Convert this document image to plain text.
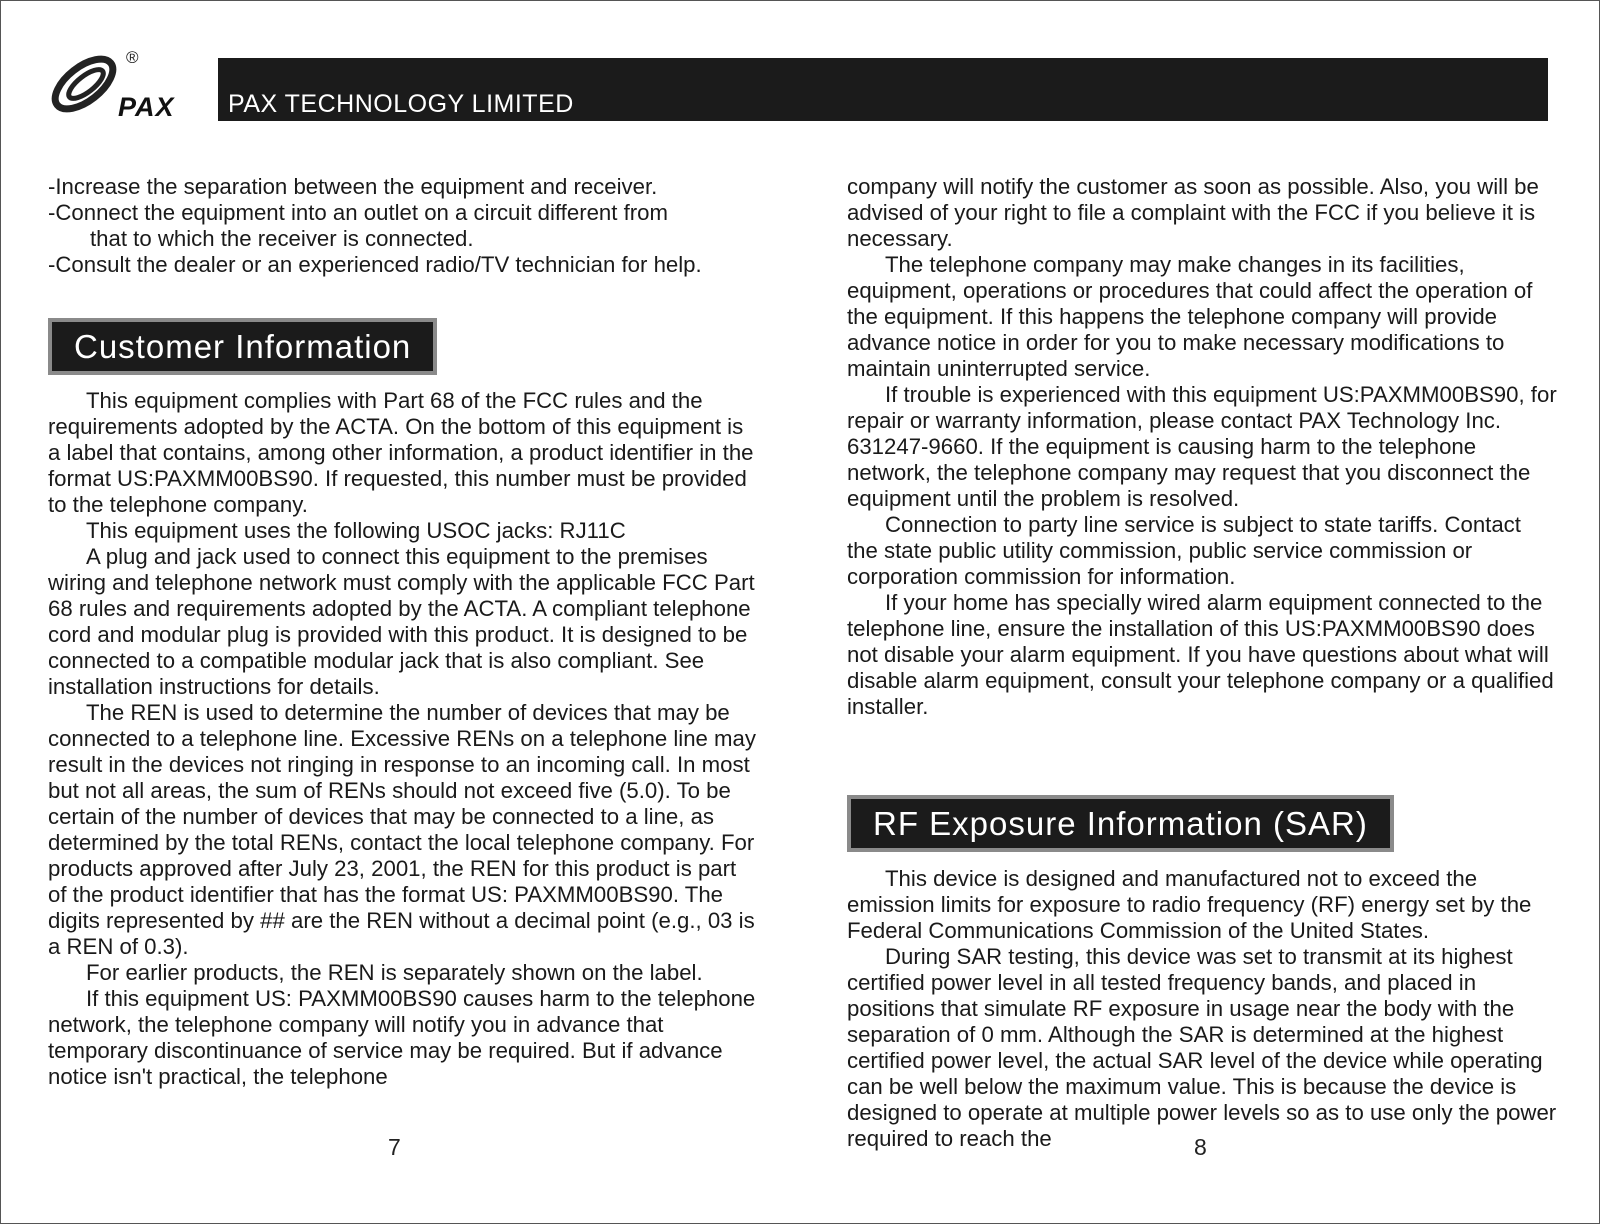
®
PAX PAX TECHNOLOGY LIMITED

-Increase the separation between the equipment and receiver.

-Connect the equipment into an outlet on a circuit different from

that to which the receiver is connected.

-Consult the dealer or an experienced radio/TV technician for help.

Customer Information

This equipment complies with Part 68 of the FCC rules and the requirements adopted by the ACTA. On the bottom of this equipment is a label that contains, among other information, a product identifier in the format US:PAXMM00BS90. If requested, this number must be provided to the telephone company.

This equipment uses the following USOC jacks: RJ11C

A plug and jack used to connect this equipment to the premises wiring and telephone network must comply with the applicable FCC Part 68 rules and requirements adopted by the ACTA. A compliant telephone cord and modular plug is provided with this product. It is designed to be connected to a compatible modular jack that is also compliant. See installation instructions for details.

The REN is used to determine the number of devices that may be connected to a telephone line. Excessive RENs on a telephone line may result in the devices not ringing in response to an incoming call. In most but not all areas, the sum of RENs should not exceed five (5.0). To be certain of the number of devices that may be connected to a line, as determined by the total RENs, contact the local telephone company. For products approved after July 23, 2001, the REN for this product is part of the product identifier that has the format US: PAXMM00BS90. The digits represented by ## are the REN without a decimal point (e.g., 03 is a REN of 0.3).

For earlier products, the REN is separately shown on the label.

If this equipment US: PAXMM00BS90 causes harm to the telephone network, the telephone company will notify you in advance that temporary discontinuance of service may be required. But if advance notice isn't practical, the telephone

7

company will notify the customer as soon as possible. Also, you will be advised of your right to file a complaint with the FCC if you believe it is necessary.

The telephone company may make changes in its facilities, equipment, operations or procedures that could affect the operation of the equipment. If this happens the telephone company will provide advance notice in order for you to make necessary modifications to maintain uninterrupted service.

If trouble is experienced with this equipment US:PAXMM00BS90, for repair or warranty information, please contact PAX Technology Inc. 631247-9660. If the equipment is causing harm to the telephone network, the telephone company may request that you disconnect the equipment until the problem is resolved.

Connection to party line service is subject to state tariffs. Contact the state public utility commission, public service commission or corporation commission for information.

If your home has specially wired alarm equipment connected to the telephone line, ensure the installation of this US:PAXMM00BS90 does not disable your alarm equipment. If you have questions about what will disable alarm equipment, consult your telephone company or a qualified installer.

RF Exposure Information (SAR)

This device is designed and manufactured not to exceed the emission limits for exposure to radio frequency (RF) energy set by the Federal Communications Commission of the United States.

During SAR testing, this device was set to transmit at its highest certified power level in all tested frequency bands, and placed in positions that simulate RF exposure in usage near the body with the separation of 0 mm. Although the SAR is determined at the highest certified power level, the actual SAR level of the device while operating can be well below the maximum value. This is because the device is designed to operate at multiple power levels so as to use only the power required to reach the	8
